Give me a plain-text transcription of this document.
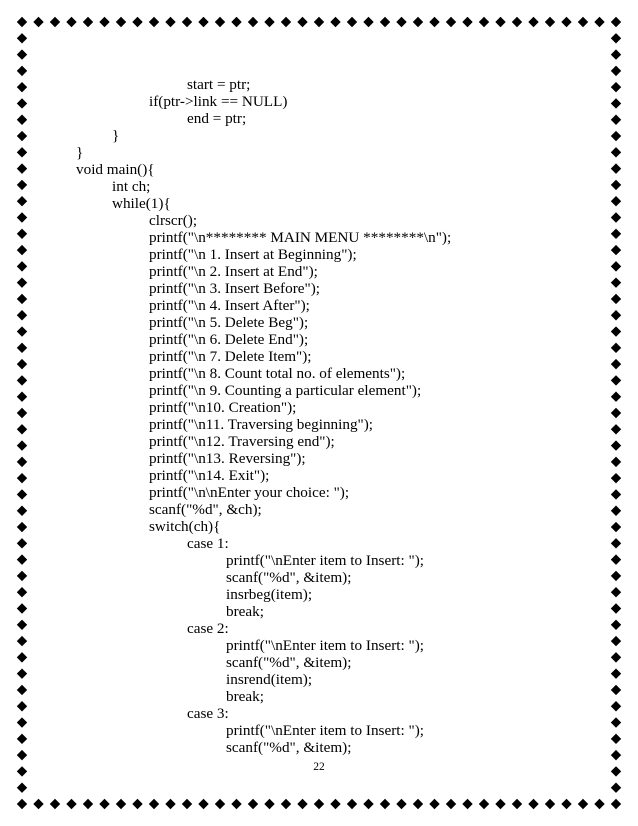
start = ptr;
if(ptr->link == NULL)
end = ptr;
}
}
void main(){
int ch;
while(1){
clrscr();
printf("\n******** MAIN MENU ********\n");
printf("\n 1. Insert at Beginning");
printf("\n 2. Insert at End");
printf("\n 3. Insert Before");
printf("\n 4. Insert After");
printf("\n 5. Delete Beg");
printf("\n 6. Delete End");
printf("\n 7. Delete Item");
printf("\n 8. Count total no. of elements");
printf("\n 9. Counting a particular element");
printf("\n10. Creation");
printf("\n11. Traversing beginning");
printf("\n12. Traversing end");
printf("\n13. Reversing");
printf("\n14. Exit");
printf("\n\nEnter your choice: ");
scanf("%d", &ch);
switch(ch){
case 1:
printf("\nEnter item to Insert: ");
scanf("%d", &item);
insrbeg(item);
break;
case 2:
printf("\nEnter item to Insert: ");
scanf("%d", &item);
insrend(item);
break;
case 3:
printf("\nEnter item to Insert: ");
scanf("%d", &item);
22
